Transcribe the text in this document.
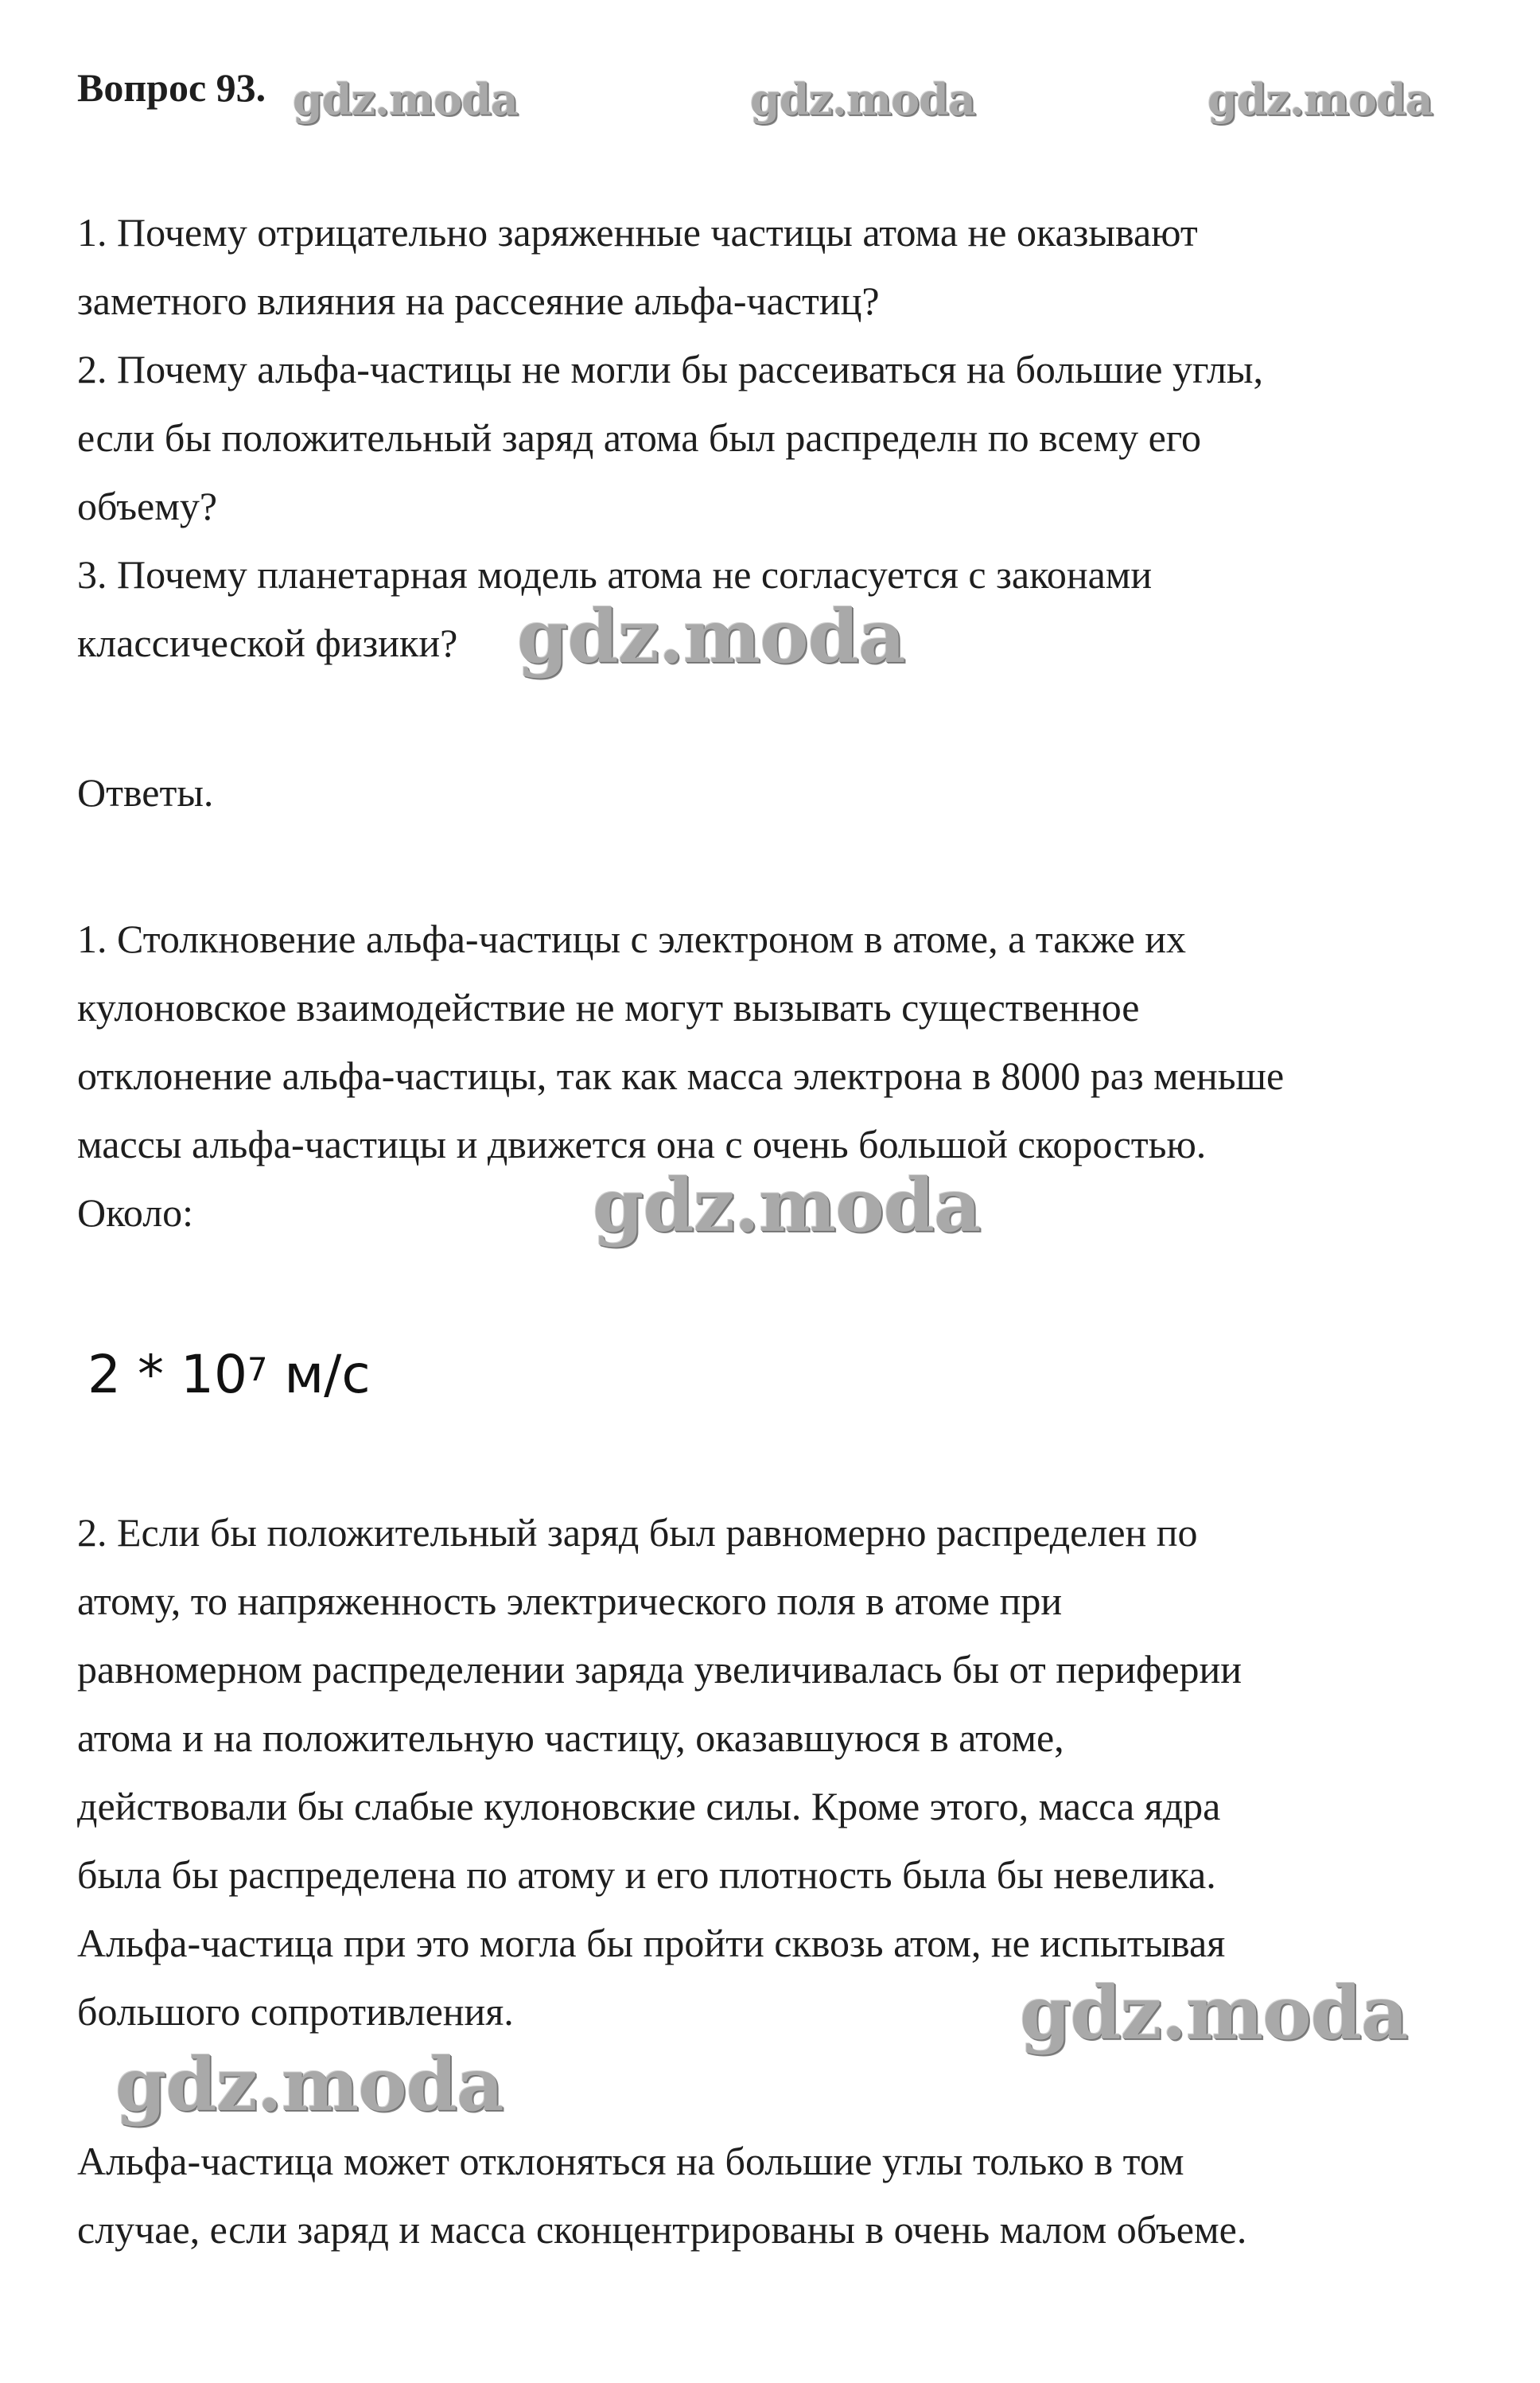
Вопрос 93. gdz.moda	gdz.moda	gdz.moda
1. Почему отрицательно заряженные частицы атома не оказывают
заметного влияния на рассеяние альфа-частиц?
2. Почему альфа-частицы не могли бы рассеиваться на большие углы,
если бы положительный заряд атома был распределн по всему его
объему?
3. Почему планетарная модель атома не согласуется с законами
классической физики? gdz.moda
Ответы.
1. Столкновение альфа-частицы с электроном в атоме, а также их
кулоновское взаимодействие не могут вызывать существенное
отклонение альфа-частицы, так как масса электрона в 8000 раз меньше
массы альфа-частицы и движется она с очень большой скоростью.
Около:	gdz.moda
$2 * 10^7$ м/с
2. Если бы положительный заряд был равномерно распределен по
атому, то напряженность электрического поля в атоме при
равномерном распределении заряда увеличивалась бы от периферии
атома и на положительную частицу, оказавшуюся в атоме,
действовали бы слабые кулоновские силы. Кроме этого, масса ядра
была бы распределена по атому и его плотность была бы невелика.
Альфа-частица при это могла бы пройти сквозь атом, не испытывая
большого сопротивления.	gdz.moda
gdz.moda
Альфа-частица может отклоняться на большие углы только в том
случае, если заряд и масса сконцентрированы в очень малом объеме.
